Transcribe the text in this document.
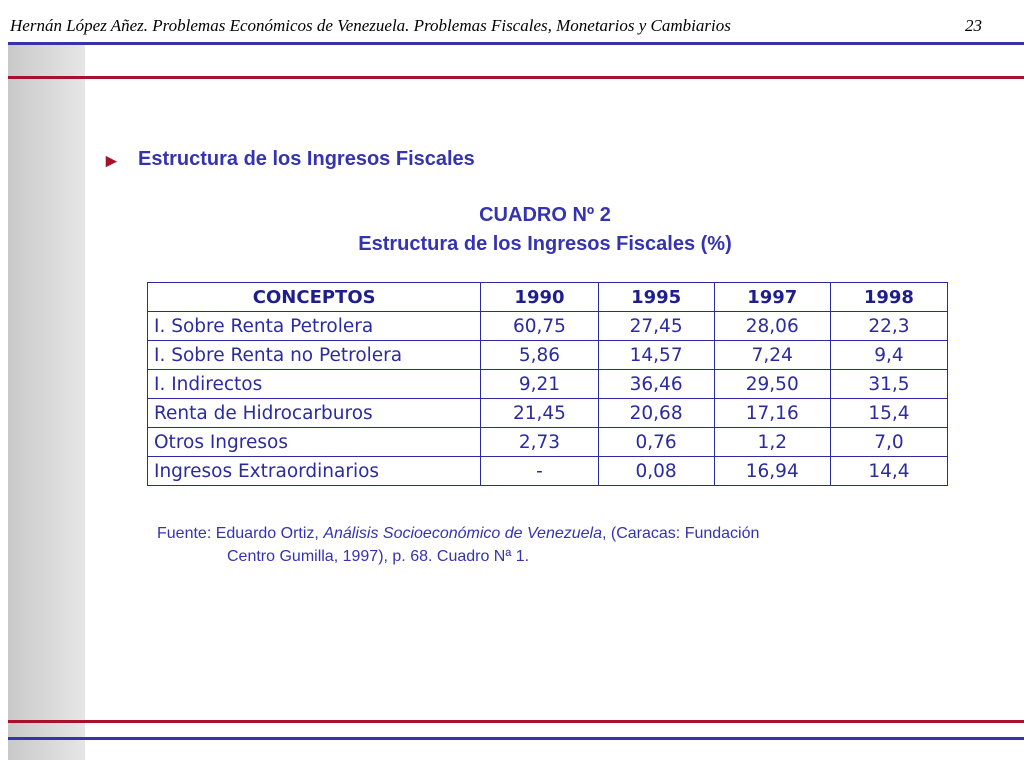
Hernán López Añez. Problemas Económicos de Venezuela. Problemas Fiscales, Monetarios y Cambiarios	23
► Estructura de los Ingresos Fiscales
CUADRO Nº 2
Estructura de los Ingresos Fiscales (%)
CONCEPTOS	1990	1995	1997	1998
I. Sobre Renta Petrolera	60,75	27,45	28,06	22,3
I. Sobre Renta no Petrolera	5,86	14,57	7,24	9,4
I. Indirectos	9,21	36,46	29,50	31,5
Renta de Hidrocarburos	21,45	20,68	17,16	15,4
Otros Ingresos	2,73	0,76	1,2	7,0
Ingresos Extraordinarios	-	0,08	16,94	14,4
Fuente: Eduardo Ortiz, Análisis Socioeconómico de Venezuela, (Caracas: Fundación
Centro Gumilla, 1997), p. 68. Cuadro Nª 1.
